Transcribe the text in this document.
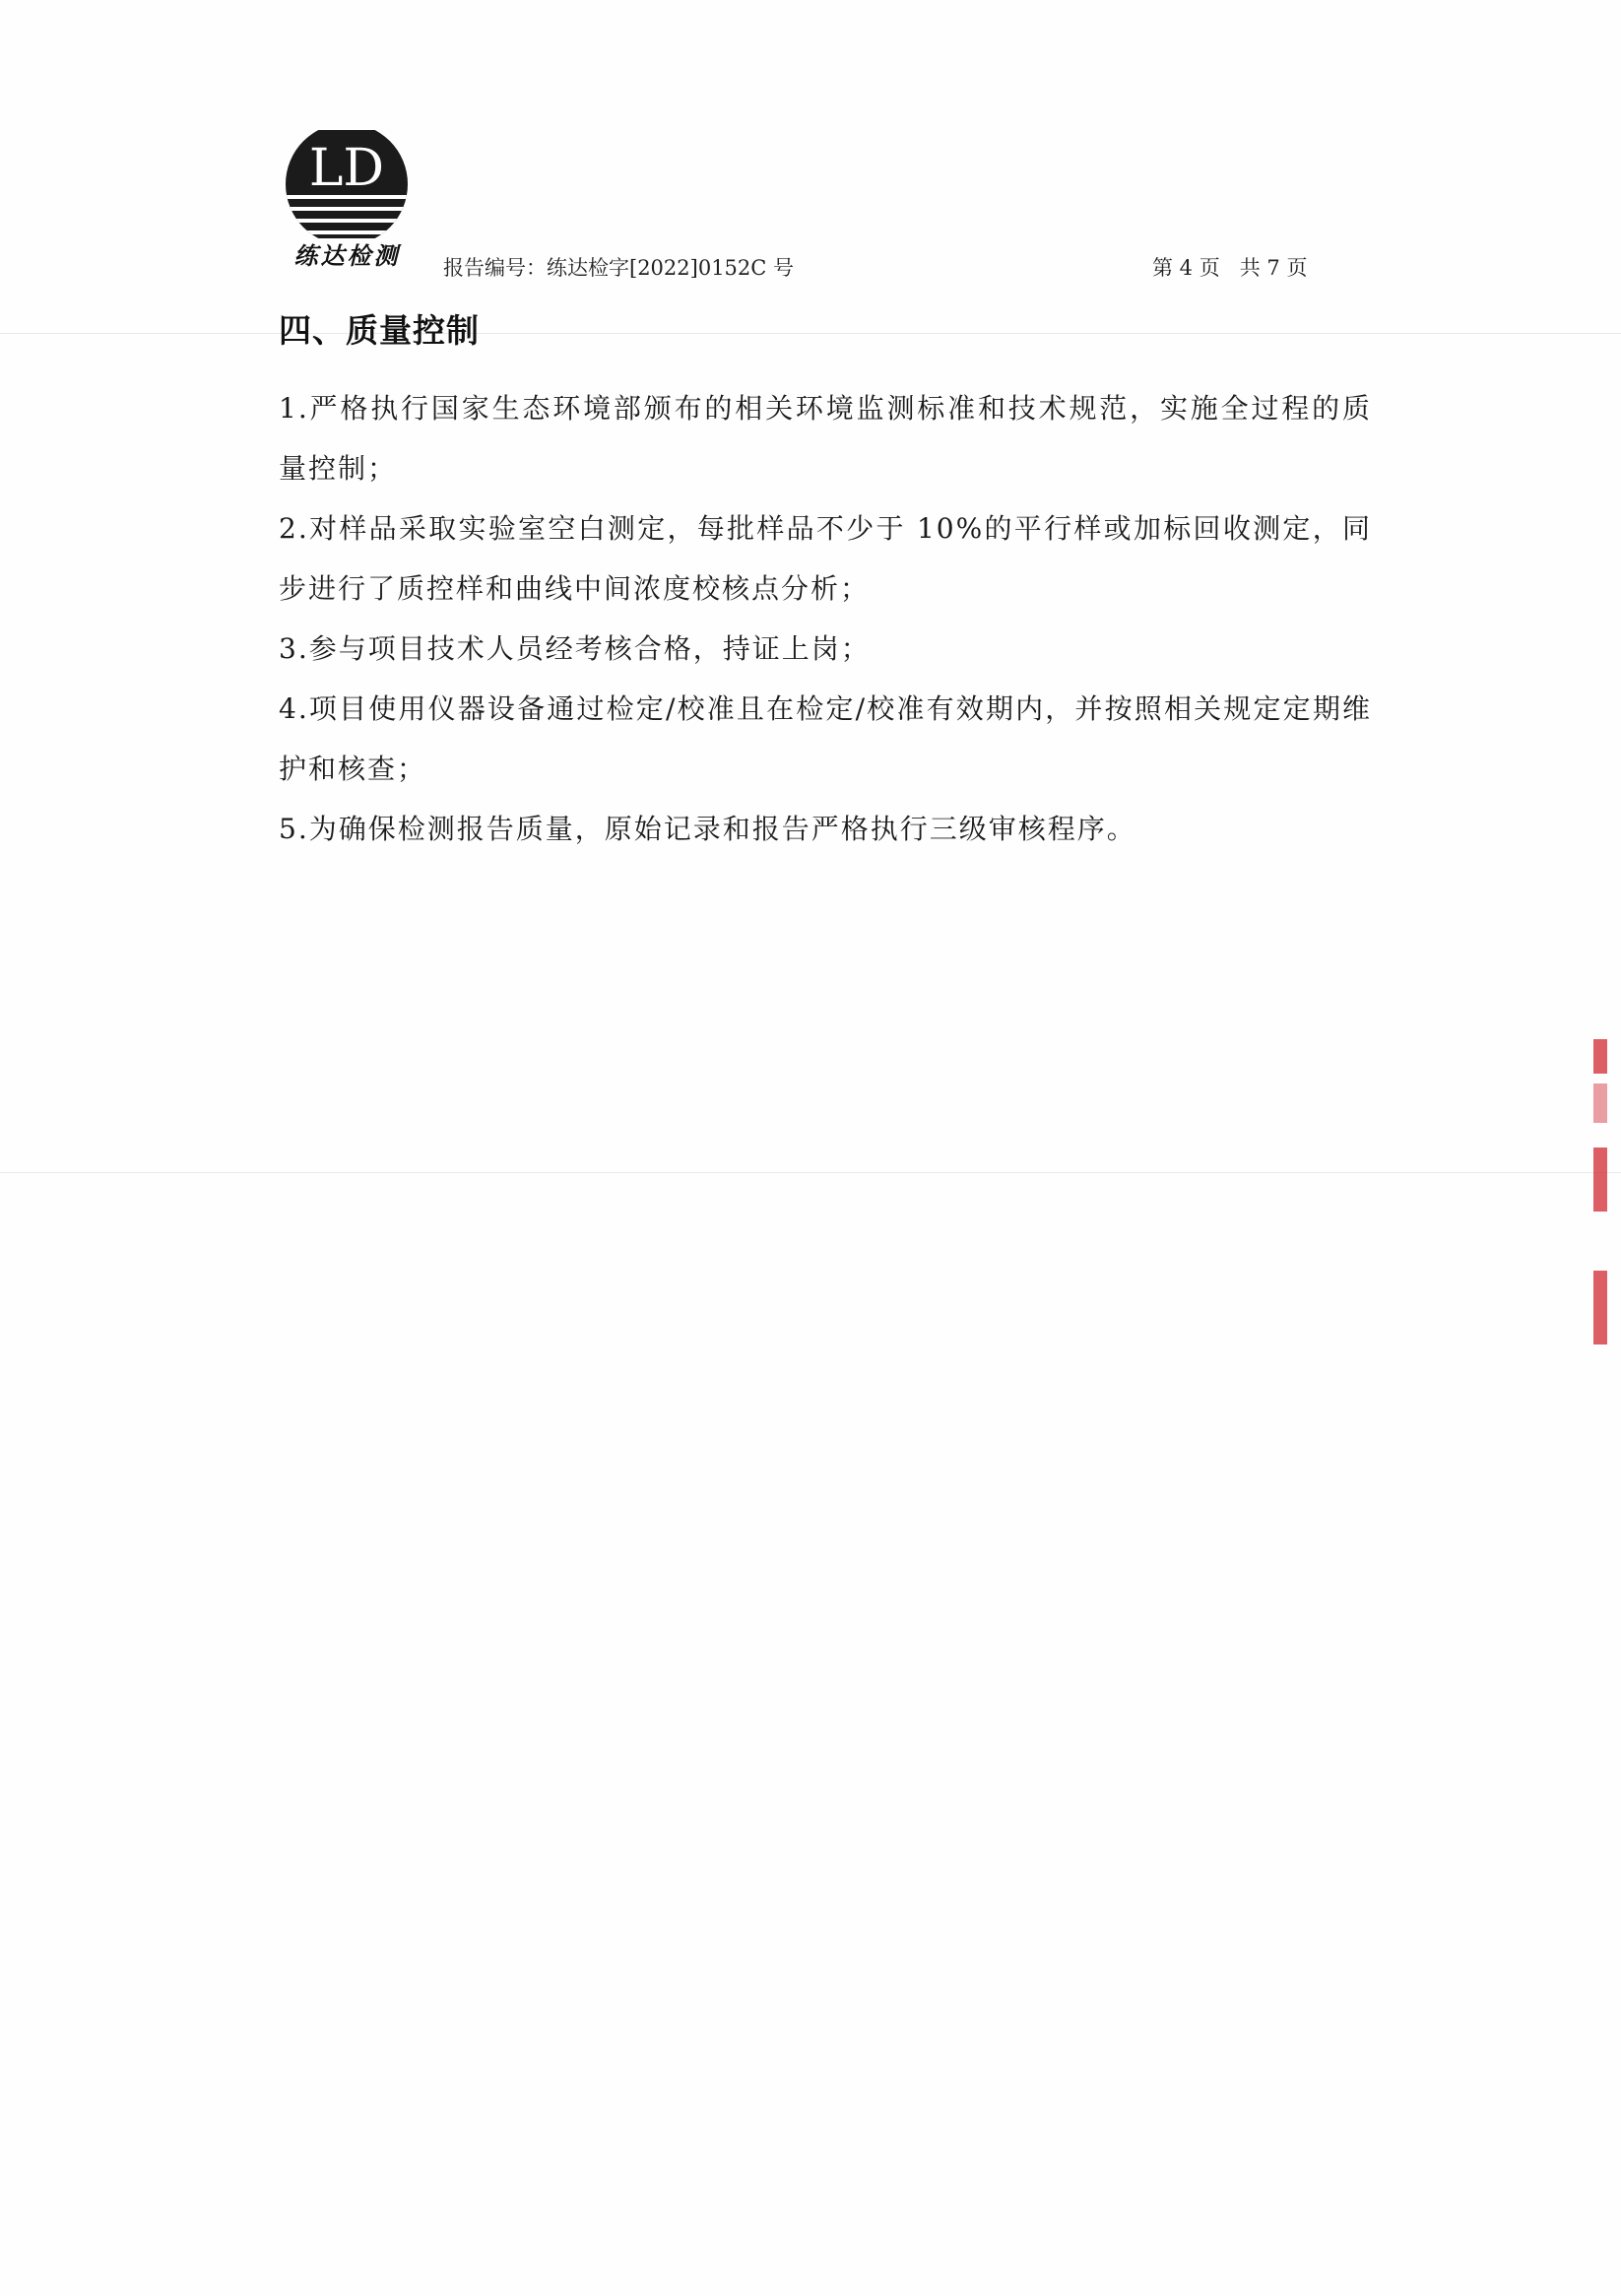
LD
练达检测	报告编号：练达检字[2022]0152C 号	第 4 页   共 7 页
四、质量控制

1.严格执行国家生态环境部颁布的相关环境监测标准和技术规范，实施全过程的质量控制；

2.对样品采取实验室空白测定，每批样品不少于 10%的平行样或加标回收测定，同步进行了质控样和曲线中间浓度校核点分析；

3.参与项目技术人员经考核合格，持证上岗；

4.项目使用仪器设备通过检定/校准且在检定/校准有效期内，并按照相关规定定期维护和核查；

5.为确保检测报告质量，原始记录和报告严格执行三级审核程序。
